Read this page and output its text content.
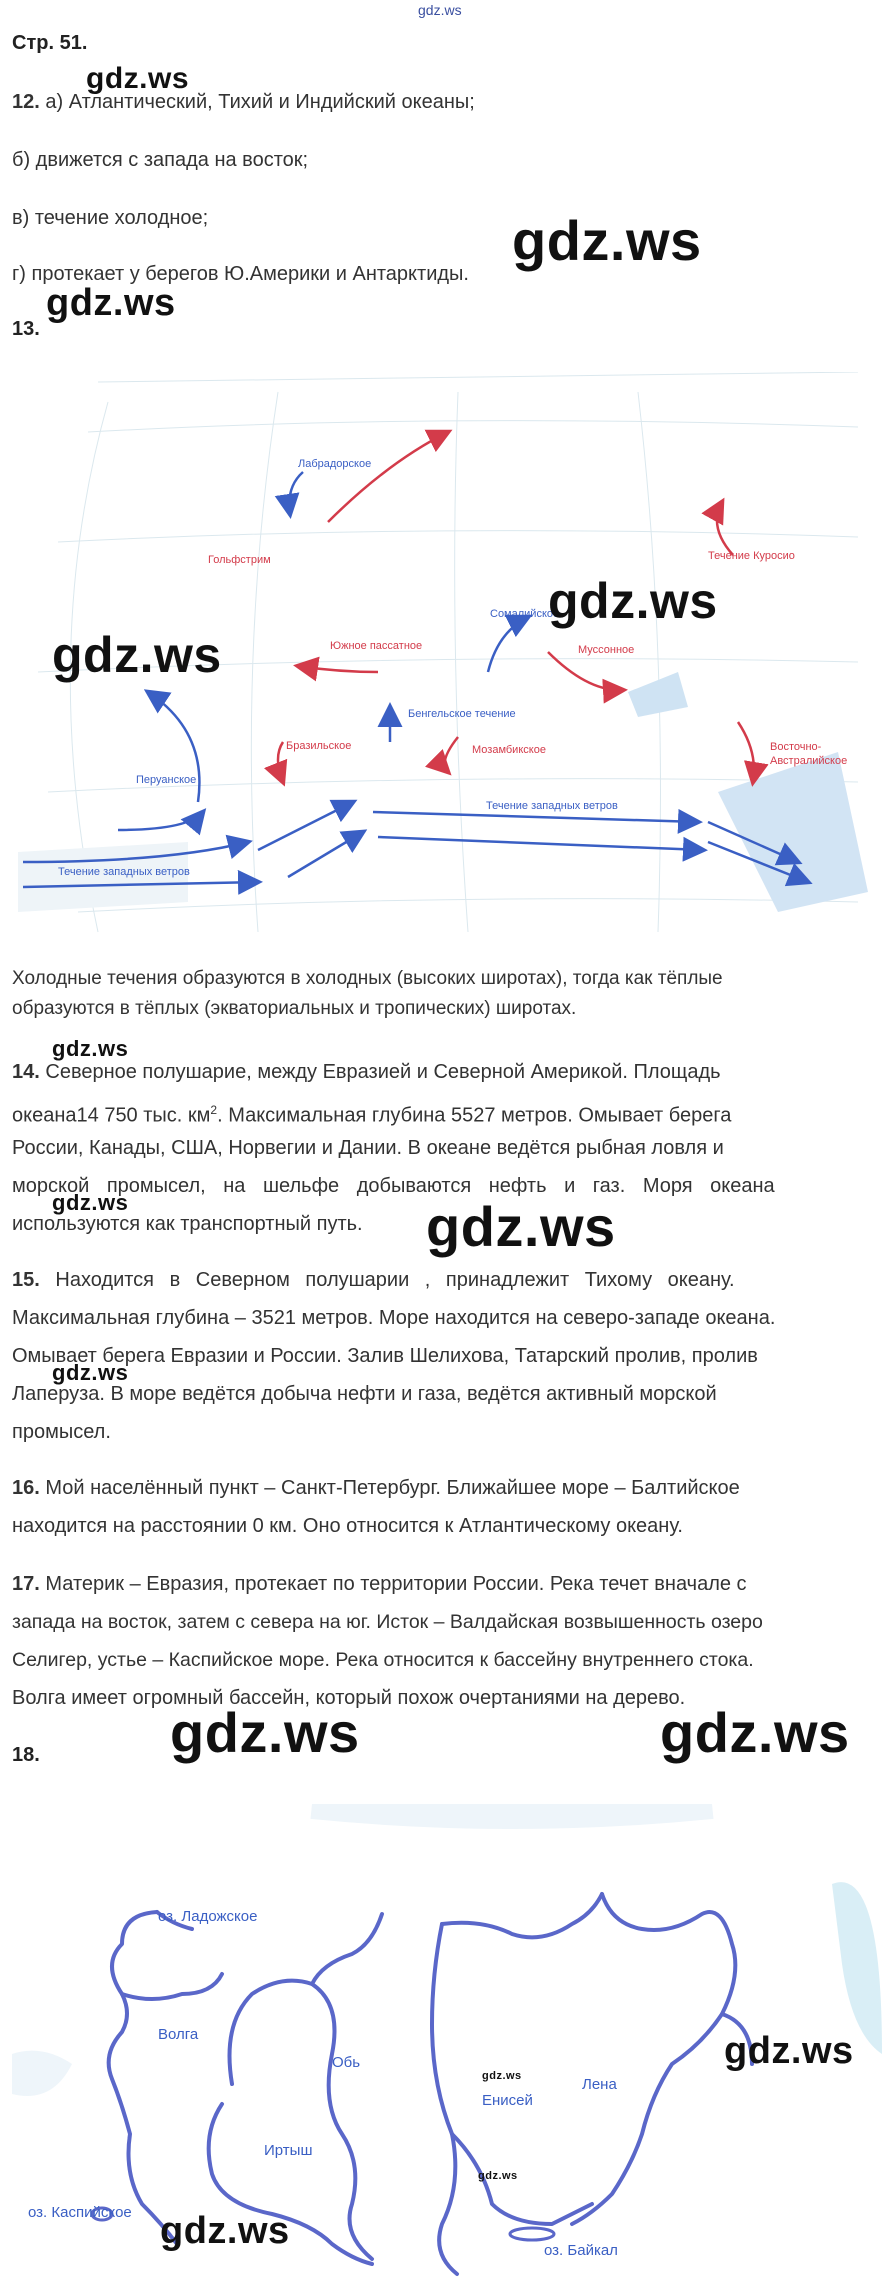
gdz.ws
Стр. 51.
gdz.ws
12. а) Атлантический, Тихий и Индийский океаны;
б) движется с запада на восток;
в) течение холодное;
г) протекает у берегов Ю.Америки и Антарктиды.
gdz.ws
gdz.ws
13.
Лабрадорское
Гольфстрим	Течение Куросио
Сомалийское
Южное пассатное	Муссонное
Бенгельское течение
Бразильское	Мозамбикское	Восточно-Австралийское
Перуанское
Течение западных ветров
Течение западных ветров
gdz.ws
gdz.ws
Холодные течения образуются в холодных (высоких широтах), тогда как тёплые
образуются в тёплых (экваториальных и тропических) широтах.
gdz.ws
14. Северное полушарие, между Евразией и Северной Америкой. Площадь
океана14 750 тыс. $км^2$. Максимальная глубина 5527 метров. Омывает берега
России, Канады, США, Норвегии и Дании. В океане ведётся рыбная ловля и
морской промысел, на шельфе добываются нефть и газ. Моря океана
gdz.ws
используются как транспортный путь. gdz.ws
15. Находится в Северном полушарии , принадлежит Тихому океану.
Максимальная глубина – 3521 метров. Море находится на северо-западе океана.
Омывает берега Евразии и России. Залив Шелихова, Татарский пролив, пролив
gdz.ws
Лаперуза. В море ведётся добыча нефти и газа, ведётся активный морской
промысел.
16. Мой населённый пункт – Санкт-Петербург. Ближайшее море – Балтийское
находится на расстоянии 0 км. Оно относится к Атлантическому океану.
17. Материк – Евразия, протекает по территории России. Река течет вначале с
запада на восток, затем с севера на юг. Исток – Валдайская возвышенность озеро
Селигер, устье – Каспийское море. Река относится к бассейну внутреннего стока.
Волга имеет огромный бассейн, который похож очертаниями на дерево.
18. gdz.ws	gdz.ws
оз. Ладожское
Волга
Обь
Енисей
Лена
Иртыш
оз. Каспийское
оз. Байкал
gdz.ws
gdz.ws
gdz.ws
gdz.ws
